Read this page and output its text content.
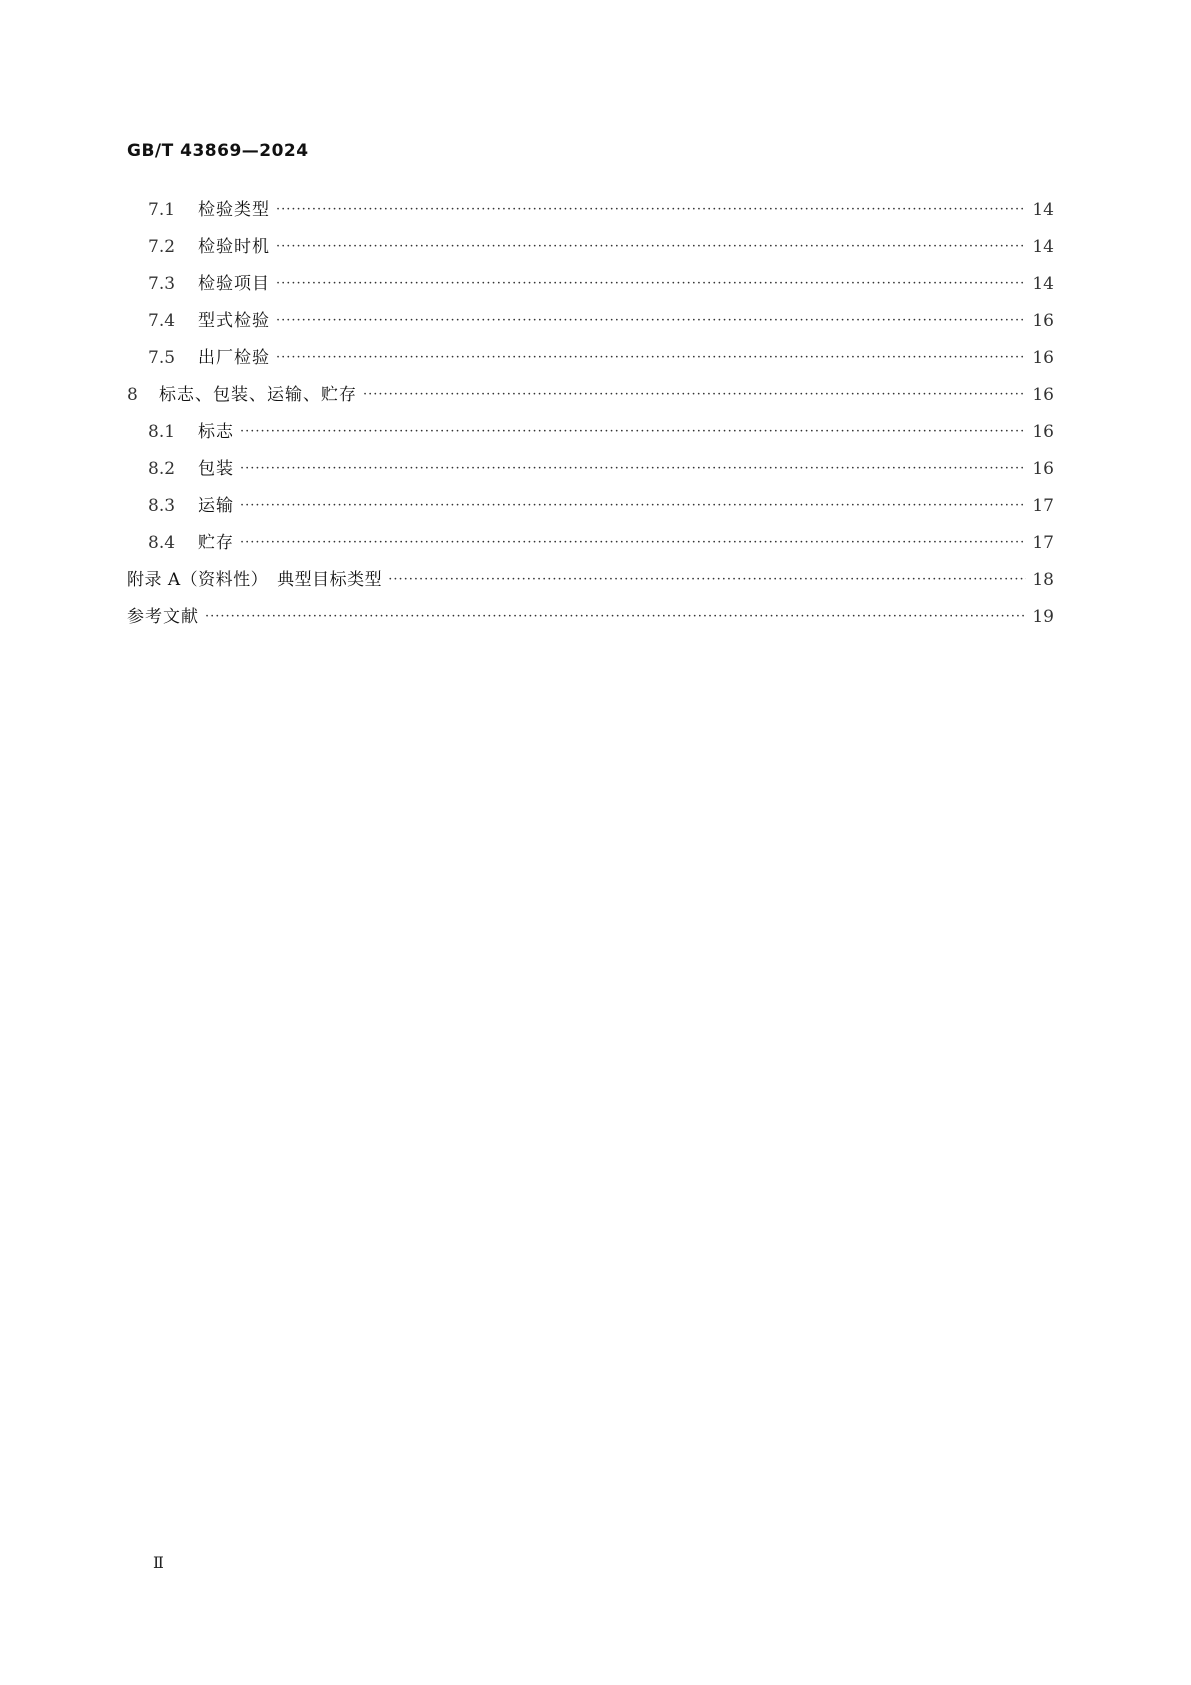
GB/T 43869—2024
7.1	检验类型 ·····	14
7.2	检验时机 ·····	14
7.3	检验项目 ·····	14
7.4	型式检验 ·····	16
7.5	出厂检验 ·····	16
8	标志、包装、运输、贮存 ·····	16
8.1	标志 ·····	16
8.2	包装 ·····	16
8.3	运输 ·····	17
8.4	贮存 ·····	17
附录 A（资料性）　典型目标类型 ·····	18
参考文献 ·····	19
Ⅱ
